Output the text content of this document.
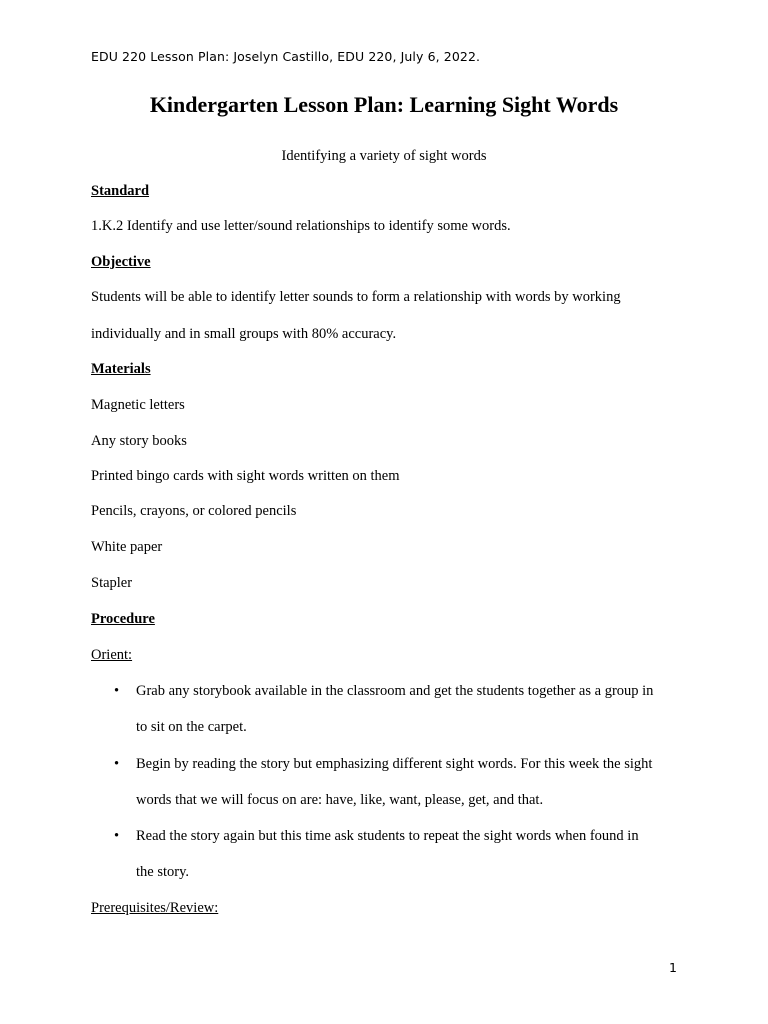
EDU 220 Lesson Plan: Joselyn Castillo, EDU 220, July 6, 2022.
Kindergarten Lesson Plan: Learning Sight Words
Identifying a variety of sight words
Standard
1.K.2 Identify and use letter/sound relationships to identify some words.
Objective
Students will be able to identify letter sounds to form a relationship with words by working
individually and in small groups with 80% accuracy.
Materials
Magnetic letters
Any story books
Printed bingo cards with sight words written on them
Pencils, crayons, or colored pencils
White paper
Stapler
Procedure
Orient:
• Grab any storybook available in the classroom and get the students together as a group in
to sit on the carpet.
• Begin by reading the story but emphasizing different sight words. For this week the sight
words that we will focus on are: have, like, want, please, get, and that.
• Read the story again but this time ask students to repeat the sight words when found in
the story.
Prerequisites/Review:
1
